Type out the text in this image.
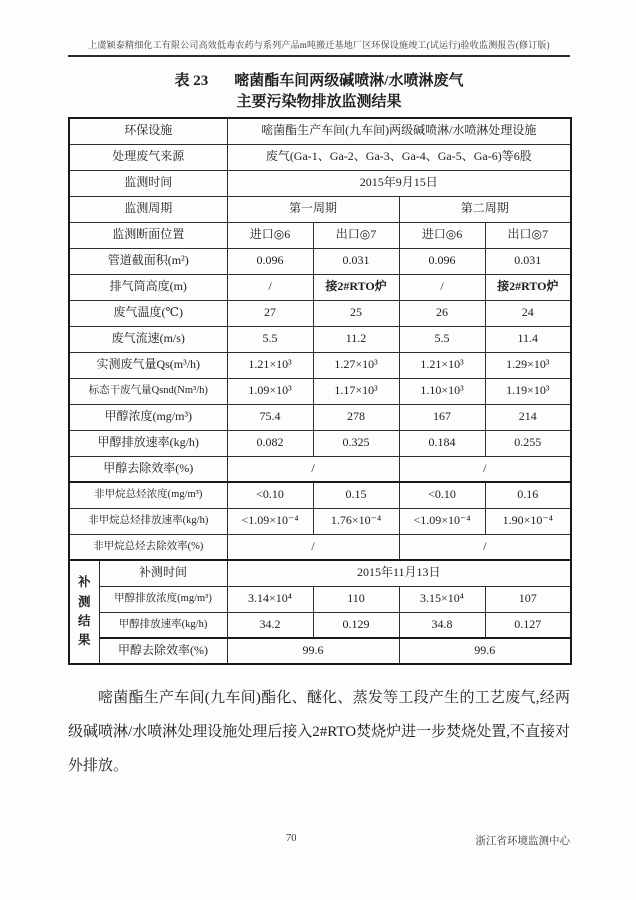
上虞颖泰精细化工有限公司高效低毒农药与系列产品m吨搬迁基地厂区环保设施竣工(试运行)验收监测报告(修订版)
表 23 嘧菌酯车间两级碱喷淋/水喷淋废气
主要污染物排放监测结果
环保设施		嘧菌酯生产车间(九车间)两级碱喷淋/水喷淋处理设施			
处理废气来源		废气(Ga-1、Ga-2、Ga-3、Ga-4、Ga-5、Ga-6)等6股			
监测时间		2015年9月15日			
监测周期		第一周期		第二周期	
监测断面位置		进口◎6	出口◎7	进口◎6	出口◎7
管道截面积(m²)		0.096	0.031	0.096	0.031
排气筒高度(m)		/	接2#RTO炉	/	接2#RTO炉
废气温度(℃)		27	25	26	24
废气流速(m/s)		5.5	11.2	5.5	11.4
实测废气量Qs(m³/h)		1.21×10³	1.27×10³	1.21×10³	1.29×10³
标态干废气量Qsnd(Nm³/h)		1.09×10³	1.17×10³	1.10×10³	1.19×10³
甲醇浓度(mg/m³)		75.4	278	167	214
甲醇排放速率(kg/h)		0.082	0.325	0.184	0.255
甲醇去除效率(%)		/		/	
非甲烷总烃浓度(mg/m³)		<0.10	0.15	<0.10	0.16
非甲烷总烃排放速率(kg/h)		<1.09×10⁻⁴	1.76×10⁻⁴	<1.09×10⁻⁴	1.90×10⁻⁴
非甲烷总烃去除效率(%)		/		/	

补测结果	补测时间	2015年11月13日			
	甲醇排放浓度(mg/m³)	3.14×10⁴	110	3.15×10⁴	107
	甲醇排放速率(kg/h)	34.2	0.129	34.8	0.127
	甲醇去除效率(%)	99.6		99.6	
嘧菌酯生产车间(九车间)酯化、醚化、蒸发等工段产生的工艺废气,经两级碱喷淋/水喷淋处理设施处理后接入2#RTO焚烧炉进一步焚烧处置,不直接对外排放。
70	浙江省环境监测中心
